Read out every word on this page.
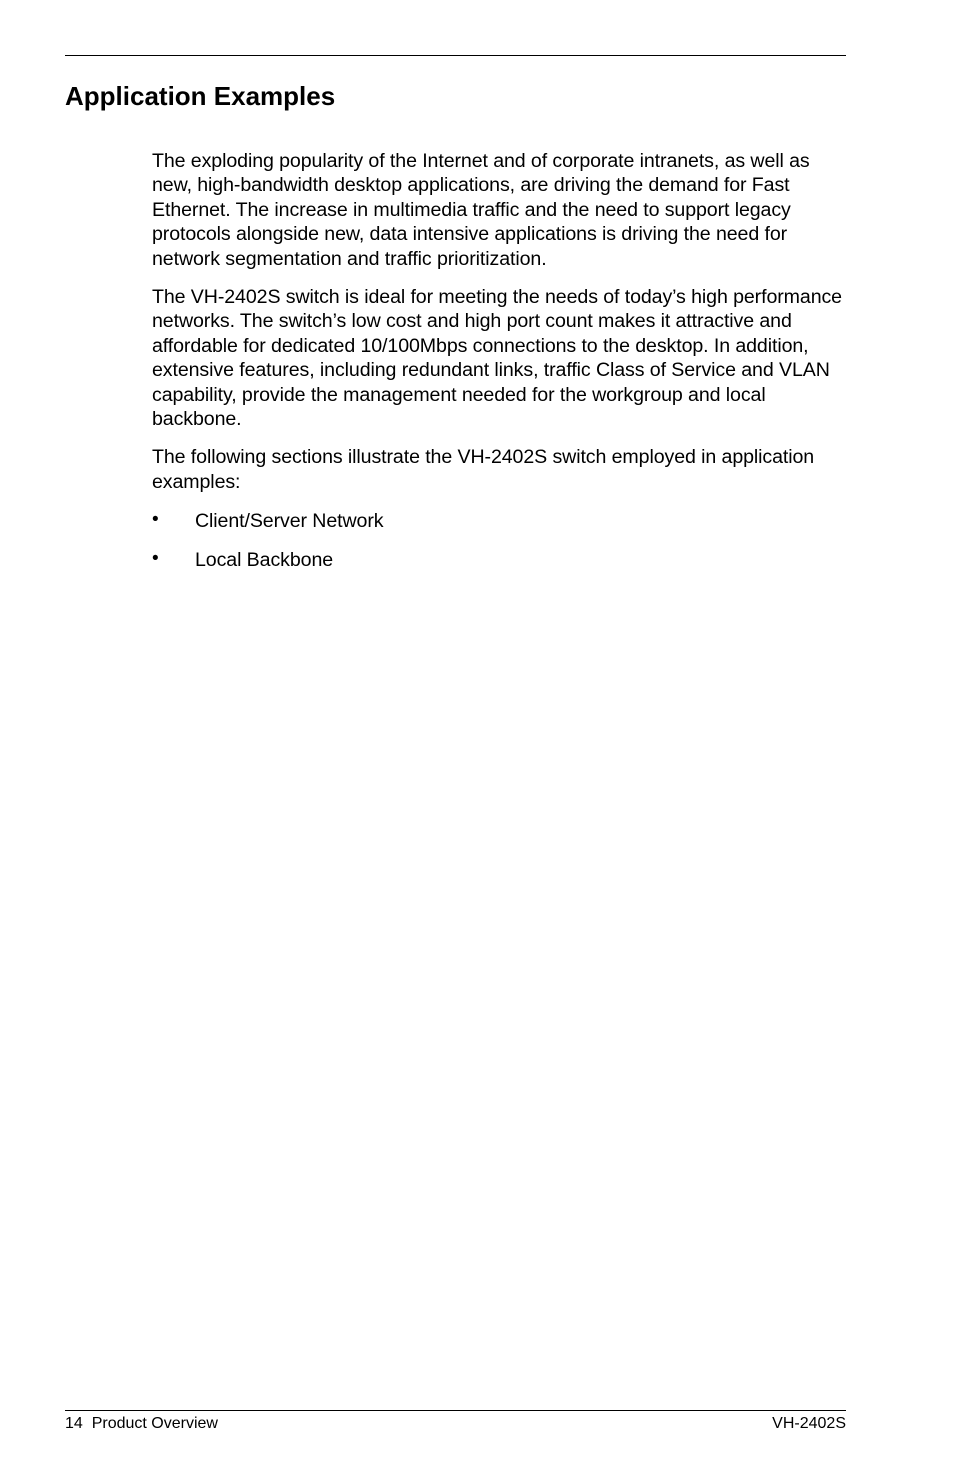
Application Examples

The exploding popularity of the Internet and of corporate intranets, as well as new, high-bandwidth desktop applications, are driving the demand for Fast Ethernet. The increase in multimedia traffic and the need to support legacy protocols alongside new, data intensive applications is driving the need for network segmentation and traffic prioritization.

The VH-2402S switch is ideal for meeting the needs of today’s high performance networks. The switch’s low cost and high port count makes it attractive and affordable for dedicated 10/100Mbps connections to the desktop. In addition, extensive features, including redundant links, traffic Class of Service and VLAN capability, provide the management needed for the workgroup and local backbone.

The following sections illustrate the VH-2402S switch employed in application examples:

• Client/Server Network
• Local Backbone
14 Product Overview	VH-2402S
